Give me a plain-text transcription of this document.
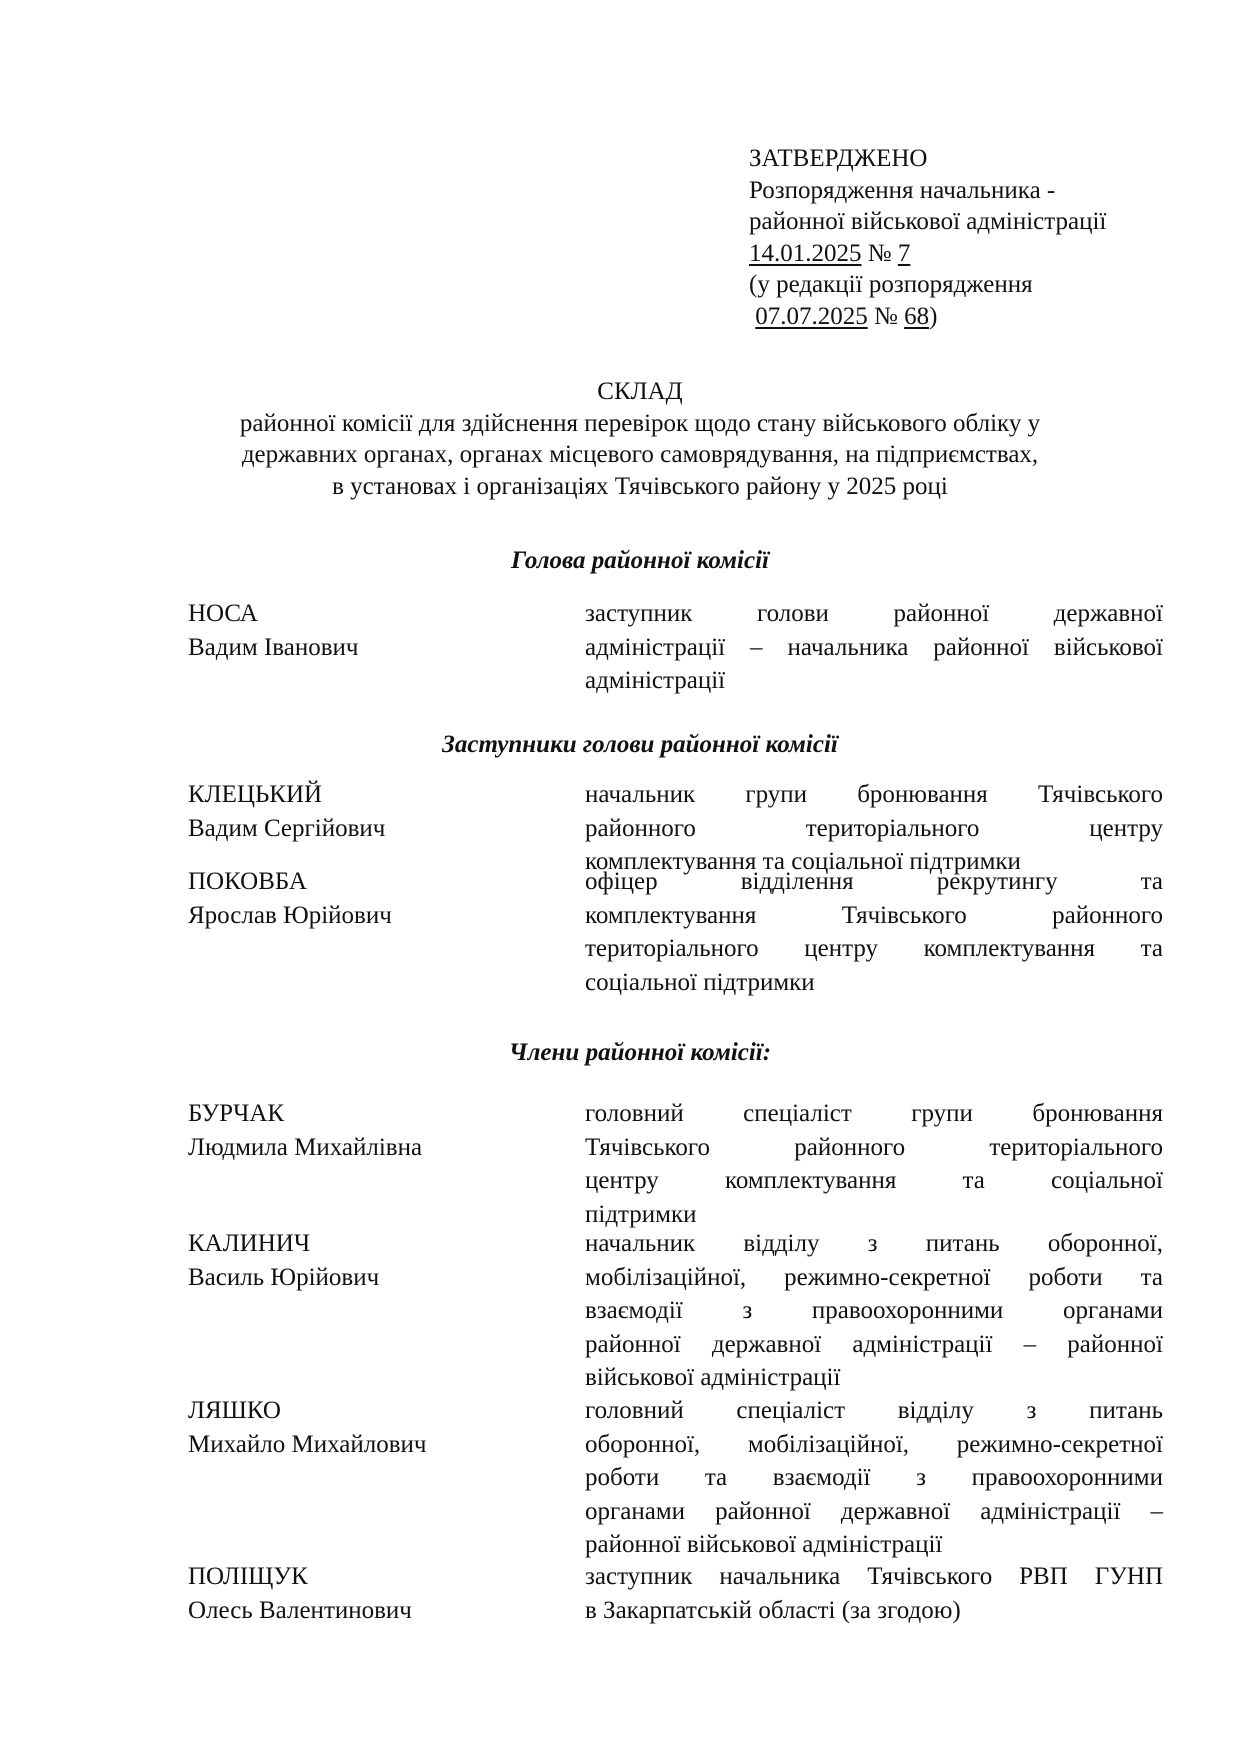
ЗАТВЕРДЖЕНО
Розпорядження начальника -
районної військової адміністрації
14.01.2025 № 7
(у редакції розпорядження
07.07.2025 № 68)
СКЛАД
районної комісії для здійснення перевірок щодо стану військового обліку у
державних органах, органах місцевого самоврядування, на підприємствах,
в установах і організаціях Тячівського району у 2025 році
Голова районної комісії
Заступники голови районної комісії
Члени районної комісії:
НОСА
Вадим Іванович
заступник голови районної державної
адміністрації – начальника районної військової
адміністрації
КЛЕЦЬКИЙ
Вадим Сергійович
начальник групи бронювання Тячівського
районного територіального центру
комплектування та соціальної підтримки
ПОКОВБА
Ярослав Юрійович
офіцер відділення рекрутингу та
комплектування Тячівського районного
територіального центру комплектування та
соціальної підтримки
БУРЧАК
Людмила Михайлівна
головний спеціаліст групи бронювання
Тячівського районного територіального
центру комплектування та соціальної
підтримки
КАЛИНИЧ
Василь Юрійович
начальник відділу з питань оборонної,
мобілізаційної, режимно-секретної роботи та
взаємодії з правоохоронними органами
районної державної адміністрації – районної
військової адміністрації
ЛЯШКО
Михайло Михайлович
головний спеціаліст відділу з питань
оборонної, мобілізаційної, режимно-секретної
роботи та взаємодії з правоохоронними
органами районної державної адміністрації –
районної військової адміністрації
ПОЛІЩУК
Олесь Валентинович
заступник начальника Тячівського РВП ГУНП
в Закарпатській області (за згодою)
